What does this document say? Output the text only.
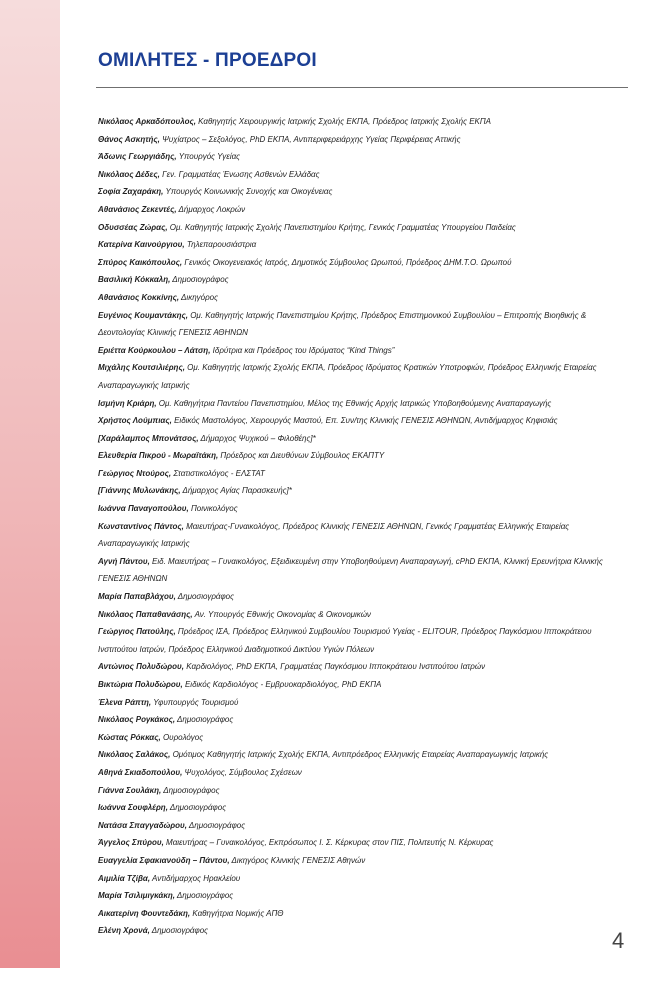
ΟΜΙΛΗΤΕΣ - ΠΡΟΕΔΡΟΙ

Νικόλαος Αρκαδόπουλος, Καθηγητής Χειρουργικής Ιατρικής Σχολής ΕΚΠΑ, Πρόεδρος Ιατρικής Σχολής ΕΚΠΑ

Θάνος Ασκητής, Ψυχίατρος – Σεξολόγος, PhD ΕΚΠΑ, Αντιπεριφερειάρχης Υγείας Περιφέρειας Αττικής

Άδωνις Γεωργιάδης, Υπουργός Υγείας

Νικόλαος Δέδες, Γεν. Γραμματέας Ένωσης Ασθενών Ελλάδας

Σοφία Ζαχαράκη, Υπουργός Κοινωνικής Συνοχής και Οικογένειας

Αθανάσιος Ζεκεντές, Δήμαρχος Λοκρών

Οδυσσέας Ζώρας, Ομ. Καθηγητής Ιατρικής Σχολής Πανεπιστημίου Κρήτης, Γενικός Γραμματέας Υπουργείου Παιδείας

Κατερίνα Καινούργιου, Τηλεπαρουσιάστρια

Σπύρος Καικόπουλος, Γενικός Οικογενειακός Ιατρός, Δημοτικός Σύμβουλος Ωρωπού, Πρόεδρος ΔΗΜ.Τ.Ο. Ωρωπού

Βασιλική Κόκκαλη, Δημοσιογράφος

Αθανάσιος Κοκκίνης, Δικηγόρος

Ευγένιος Κουμαντάκης, Ομ. Καθηγητής Ιατρικής Πανεπιστημίου Κρήτης, Πρόεδρος Επιστημονικού Συμβουλίου – Επιτροπής Βιοηθικής & Δεοντολογίας Κλινικής ΓΕΝΕΣΙΣ ΑΘΗΝΩΝ

Εριέττα Κούρκουλου – Λάτση, Ιδρύτρια και Πρόεδρος του Ιδρύματος “Kind Things”

Μιχάλης Κουτσιλιέρης, Ομ. Καθηγητής Ιατρικής Σχολής ΕΚΠΑ, Πρόεδρος Ιδρύματος Κρατικών Υποτροφιών, Πρόεδρος Ελληνικής Εταιρείας Αναπαραγωγικής Ιατρικής

Ισμήνη Κριάρη, Ομ. Καθηγήτρια Παντείου Πανεπιστημίου, Μέλος της Εθνικής Αρχής Ιατρικώς Υποβοηθούμενης Αναπαραγωγής

Χρήστος Λούμπιας, Ειδικός Μαστολόγος, Χειρουργός Μαστού, Επ. Συν/της Κλινικής ΓΕΝΕΣΙΣ ΑΘΗΝΩΝ, Αντιδήμαρχος Κηφισιάς

[Χαράλαμπος Μπονάτσος, Δήμαρχος Ψυχικού – Φιλοθέης]*

Ελευθερία Πικρού - Μωραϊτάκη, Πρόεδρος και Διευθύνων Σύμβουλος ΕΚΑΠΤΥ

Γεώργιος Ντούρος, Στατιστικολόγος - ΕΛΣΤΑΤ

[Γιάννης Μυλωνάκης, Δήμαρχος Αγίας Παρασκευής]*

Ιωάννα Παναγοπούλου, Ποινικολόγος

Κωνσταντίνος Πάντος, Μαιευτήρας-Γυναικολόγος, Πρόεδρος Κλινικής ΓΕΝΕΣΙΣ ΑΘΗΝΩΝ, Γενικός Γραμματέας Ελληνικής Εταιρείας Αναπαραγωγικής Ιατρικής

Αγνή Πάντου, Ειδ. Μαιευτήρας – Γυναικολόγος, Εξειδικευμένη στην Υποβοηθούμενη Αναπαραγωγή, cPhD ΕΚΠΑ, Κλινική Ερευνήτρια Κλινικής ΓΕΝΕΣΙΣ ΑΘΗΝΩΝ

Μαρία Παπαβλάχου, Δημοσιογράφος

Νικόλαος Παπαθανάσης, Αν. Υπουργός Εθνικής Οικονομίας & Οικονομικών

Γεώργιος Πατούλης, Πρόεδρος ΙΣΑ, Πρόεδρος Ελληνικού Συμβουλίου Τουρισμού Υγείας - ELITOUR, Πρόεδρος Παγκόσμιου Ιπποκράτειου Ινστιτούτου Ιατρών, Πρόεδρος Ελληνικού Διαδημοτικού Δικτύου Υγιών Πόλεων

Αντώνιος Πολυδώρου, Καρδιολόγος, PhD ΕΚΠΑ, Γραμματέας Παγκόσμιου Ιπποκράτειου Ινστιτούτου Ιατρών

Βικτώρια Πολυδώρου, Ειδικός Καρδιολόγος - Εμβρυοκαρδιολόγος, PhD ΕΚΠΑ

Έλενα Ράπτη, Υφυπουργός Τουρισμού

Νικόλαος Ρογκάκος, Δημοσιογράφος

Κώστας Ρόκκας, Ουρολόγος

Νικόλαος Σαλάκος, Ομότιμος Καθηγητής Ιατρικής Σχολής ΕΚΠΑ, Αντιπρόεδρος Ελληνικής Εταιρείας Αναπαραγωγικής Ιατρικής

Αθηνά Σκιαδοπούλου, Ψυχολόγος, Σύμβουλος Σχέσεων

Γιάννα Σουλάκη, Δημοσιογράφος

Ιωάννα Σουφλέρη, Δημοσιογράφος

Νατάσα Σπαγγαδώρου, Δημοσιογράφος

Άγγελος Σπύρου, Μαιευτήρας – Γυναικολόγος, Εκπρόσωπος Ι. Σ. Κέρκυρας στον ΠΙΣ, Πολιτευτής Ν. Κέρκυρας

Ευαγγελία Σφακιανούδη – Πάντου, Δικηγόρος Κλινικής ΓΕΝΕΣΙΣ Αθηνών

Αιμιλία Τζίβα, Αντιδήμαρχος Ηρακλείου

Μαρία Τσιλιμιγκάκη, Δημοσιογράφος

Αικατερίνη Φουντεδάκη, Καθηγήτρια Νομικής ΑΠΘ

Ελένη Χρονά, Δημοσιογράφος	4
